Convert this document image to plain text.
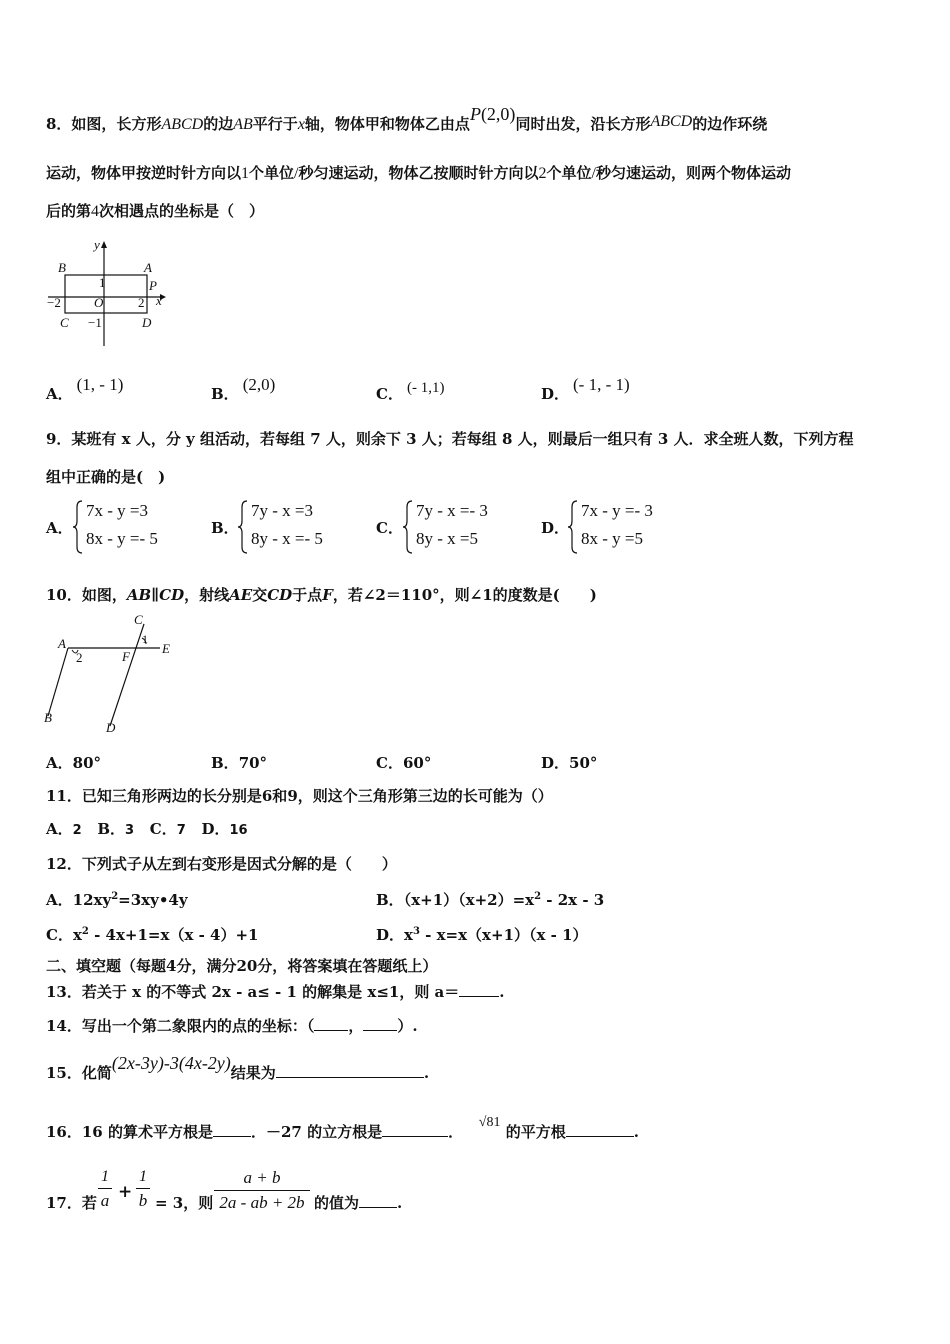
8．如图，长方形ABCD的边AB平行于x轴，物体甲和物体乙由点P(2,0)同时出发，沿长方形ABCD的边作环绕
运动，物体甲按逆时针方向以1个单位/秒匀速运动，物体乙按顺时针方向以2个单位/秒匀速运动，则两个物体运动
后的第4次相遇点的坐标是（　）
y
B	A
1	P
−2	O	2 x
C −1	D
A． (1, - 1)	B． (2,0)	C． (- 1,1)	D． (- 1, - 1)
9．某班有 x 人，分 y 组活动，若每组 7 人，则余下 3 人；若每组 8 人，则最后一组只有 3 人．求全班人数，下列方程
组中正确的是(　)
A．
7x - y =3
8x - y =- 5
B．
7y - x =3
8y - x =- 5
C．
7y - x =- 3
8y - x =5
D．
7x - y =- 3
8x - y =5
10．如图，AB∥CD，射线AE交CD于点F，若∠2＝110°，则∠1的度数是(　　)
C
1
A
2	F
E
B
D
A．80°	B．70°	C．60°	D．50°
11．已知三角形两边的长分别是6和9，则这个三角形第三边的长可能为（）
A．2 B．3 C．7 D．16
12．下列式子从左到右变形是因式分解的是（　　）
A．$12xy^2=3xy•4y$	B．$(x+1)(x+2)=x^2 - 2x - 3$
C．$x^2 - 4x+1=x(x - 4)+1$	D．$x^3 - x=x(x+1)(x - 1)$
二、填空题（每题4分，满分20分，将答案填在答题纸上）
13．若关于 x 的不等式 2x - a≤ - 1 的解集是 x≤1，则 a＝	.
14．写出一个第二象限内的点的坐标：（ ， ）.
15．化简(2x-3y)-3(4x-2y)结果为	.
16．16 的算术平方根是	．－27 的立方根是	．   √81 的平方根	.
17．若
1
a +
1
b = 3，则
a + b
2a - ab + 2b 的值为	.
